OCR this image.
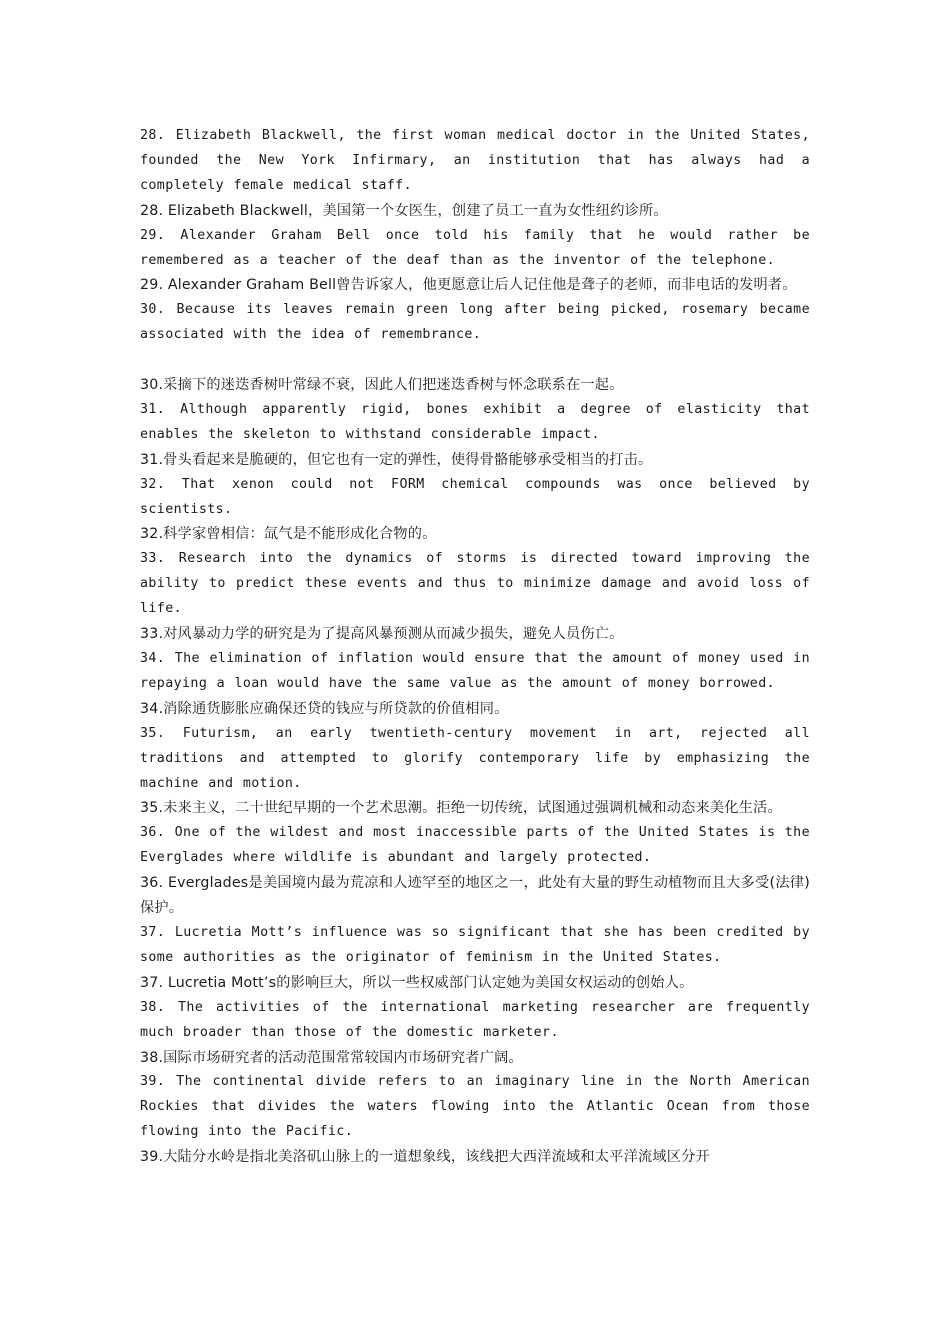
28. Elizabeth Blackwell, the first woman medical doctor in the United States, founded the New York Infirmary, an institution that has always had a completely female medical staff.

28. Elizabeth Blackwell，美国第一个女医生，创建了员工一直为女性纽约诊所。

29. Alexander Graham Bell once told his family that he would rather be remembered as a teacher of the deaf than as the inventor of the telephone.

29. Alexander Graham Bell曾告诉家人，他更愿意让后人记住他是聋子的老师，而非电话的发明者。

30. Because its leaves remain green long after being picked, rosemary became associated with the idea of remembrance.

30.采摘下的迷迭香树叶常绿不衰，因此人们把迷迭香树与怀念联系在一起。

31. Although apparently rigid, bones exhibit a degree of elasticity that enables the skeleton to withstand considerable impact.

31.骨头看起来是脆硬的，但它也有一定的弹性，使得骨骼能够承受相当的打击。

32. That xenon could not FORM chemical compounds was once believed by scientists.

32.科学家曾相信：氙气是不能形成化合物的。

33. Research into the dynamics of storms is directed toward improving the ability to predict these events and thus to minimize damage and avoid loss of life.

33.对风暴动力学的研究是为了提高风暴预测从而减少损失，避免人员伤亡。

34. The elimination of inflation would ensure that the amount of money used in repaying a loan would have the same value as the amount of money borrowed.

34.消除通货膨胀应确保还贷的钱应与所贷款的价值相同。

35. Futurism, an early twentieth-century movement in art, rejected all traditions and attempted to glorify contemporary life by emphasizing the machine and motion.

35.未来主义，二十世纪早期的一个艺术思潮。拒绝一切传统，试图通过强调机械和动态来美化生活。

36. One of the wildest and most inaccessible parts of the United States is the Everglades where wildlife is abundant and largely protected.

36. Everglades是美国境内最为荒凉和人迹罕至的地区之一，此处有大量的野生动植物而且大多受(法律)保护。

37. Lucretia Mott’s influence was so significant that she has been credited by some authorities as the originator of feminism in the United States.

37. Lucretia Mott’s的影响巨大，所以一些权威部门认定她为美国女权运动的创始人。

38. The activities of the international marketing researcher are frequently much broader than those of the domestic marketer.

38.国际市场研究者的活动范围常常较国内市场研究者广阔。

39. The continental divide refers to an imaginary line in the North American Rockies that divides the waters flowing into the Atlantic Ocean from those flowing into the Pacific.

39.大陆分水岭是指北美洛矶山脉上的一道想象线，该线把大西洋流域和太平洋流域区分开
